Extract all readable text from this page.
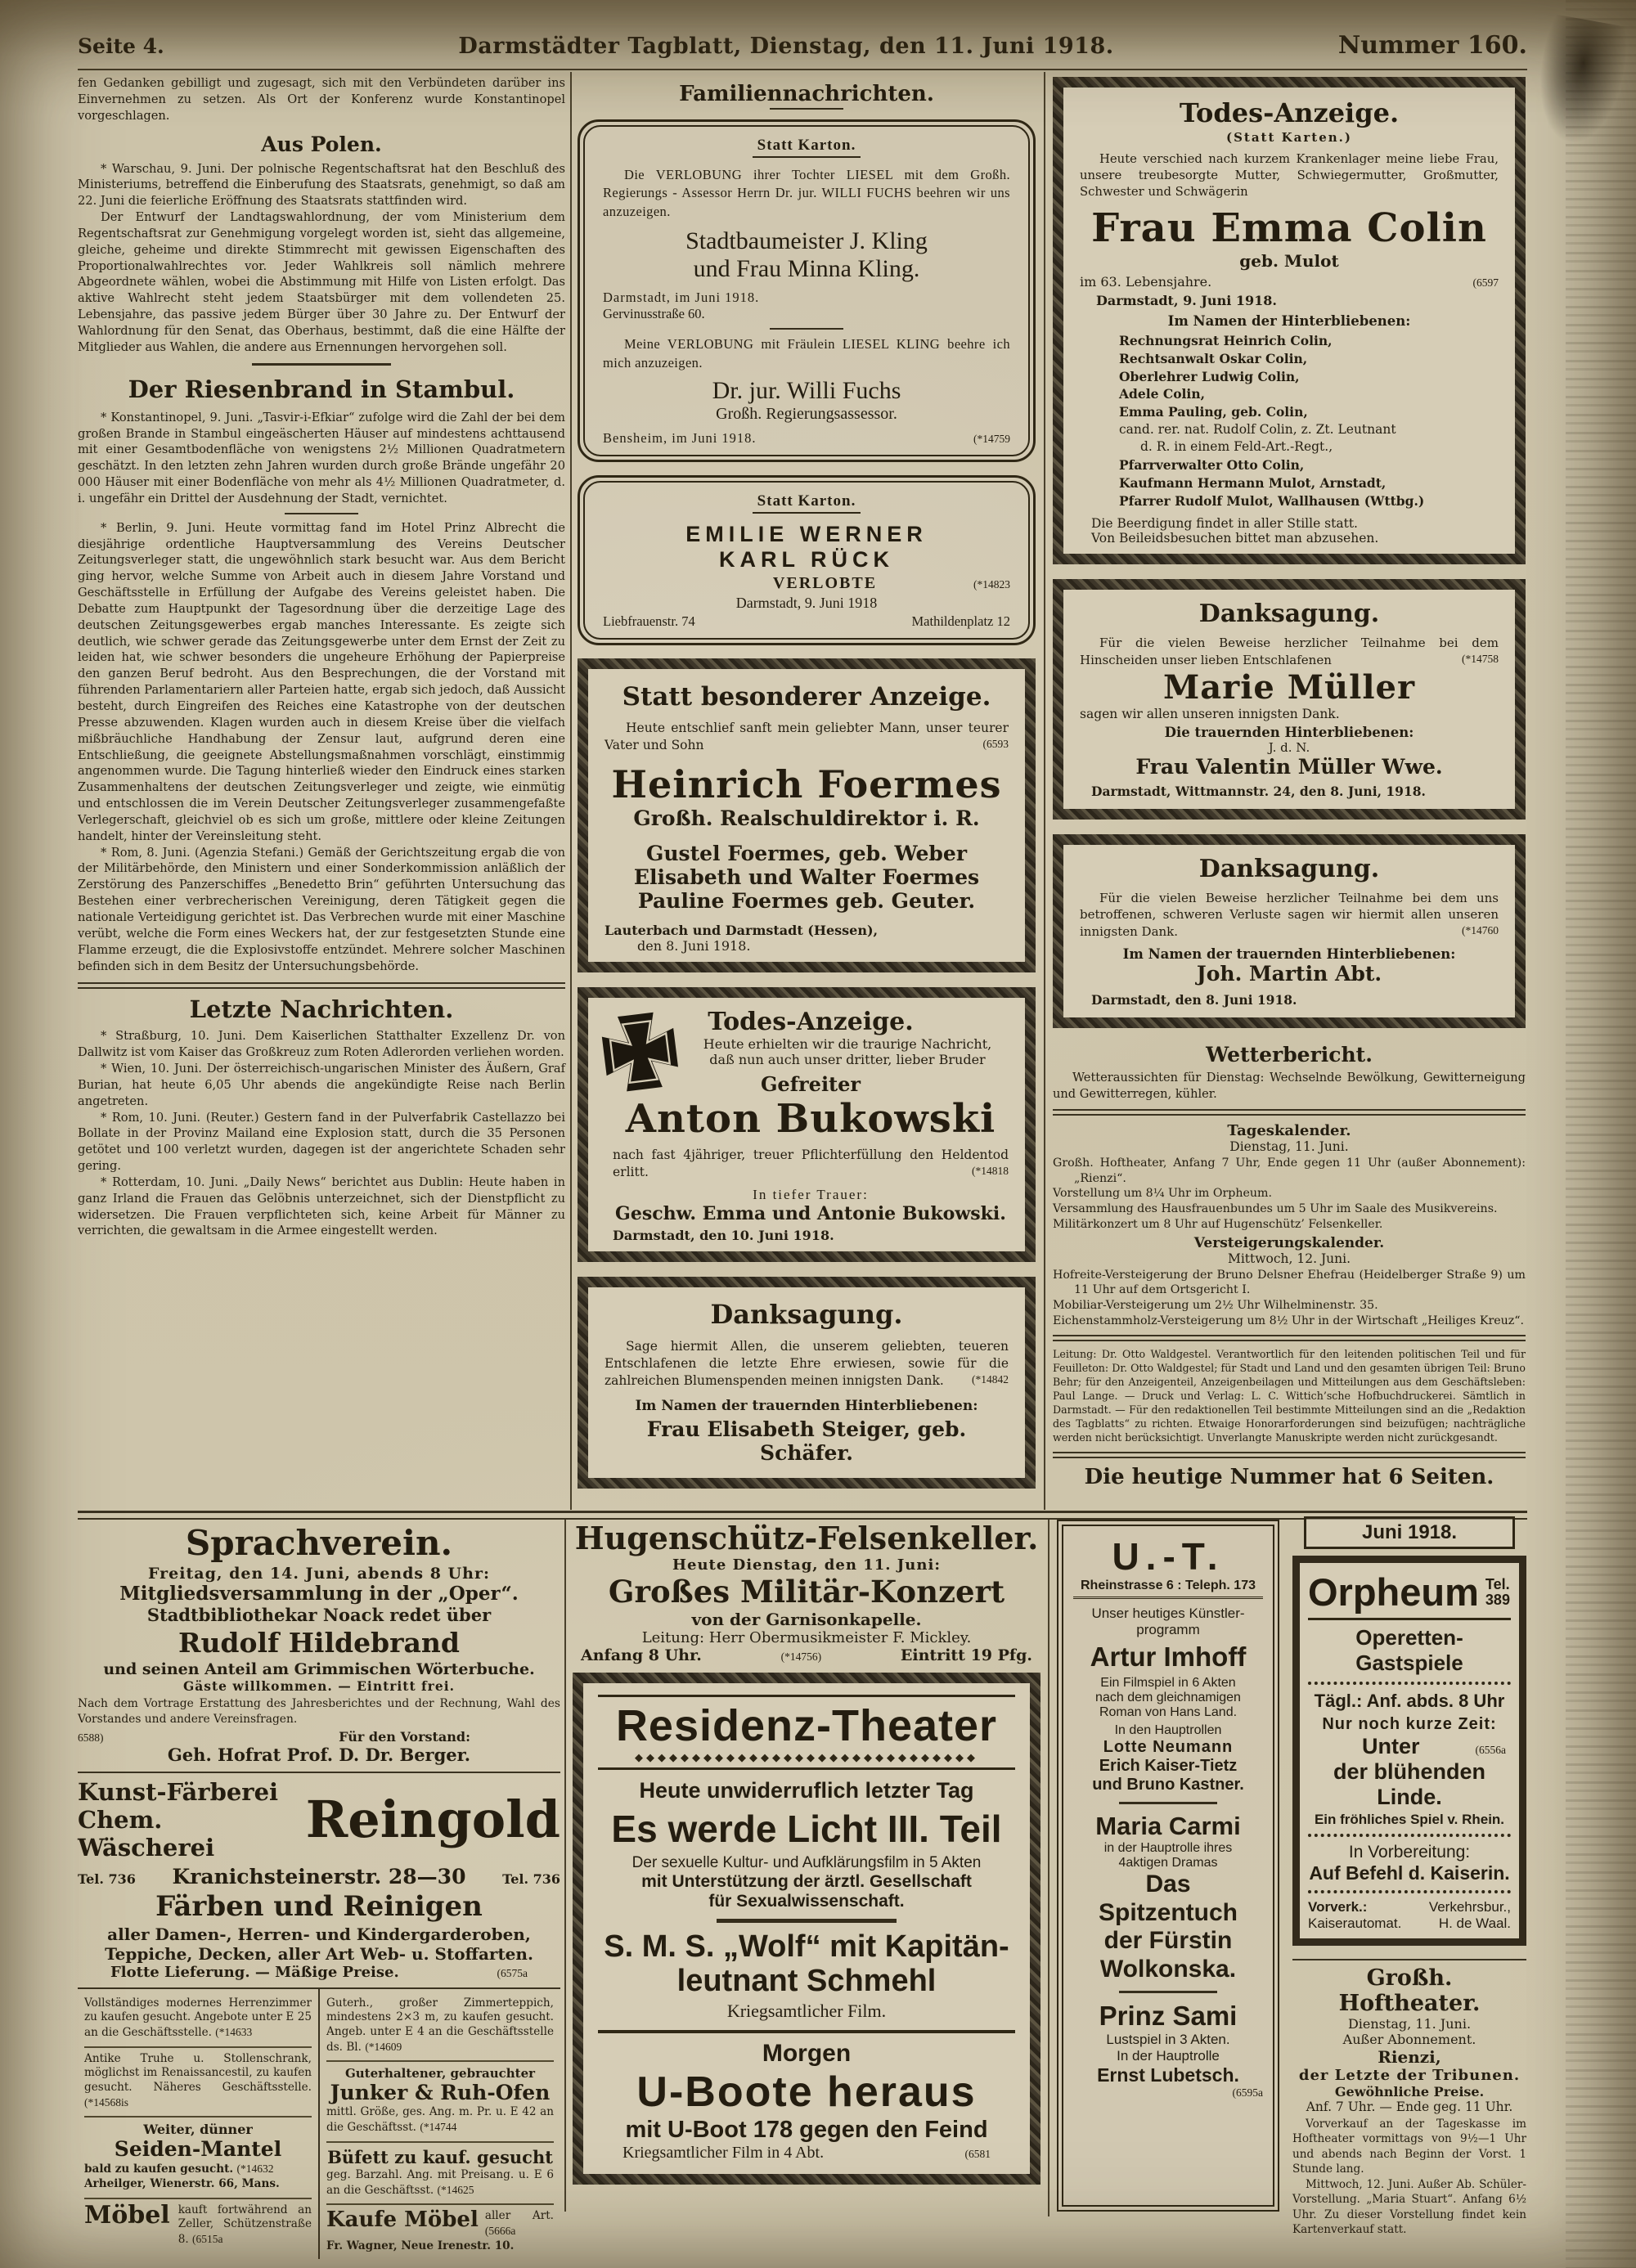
Seite 4.	Darmstädter Tagblatt, Dienstag, den 11. Juni 1918.	Nummer 160.

fen Gedanken gebilligt und zugesagt, sich mit den Verbündeten darüber ins Einvernehmen zu setzen. Als Ort der Konferenz wurde Konstantinopel vorgeschlagen.

Aus Polen.

* Warschau, 9. Juni. Der polnische Regentschaftsrat hat den Beschluß des Ministeriums, betreffend die Einberufung des Staatsrats, genehmigt, so daß am 22. Juni die feierliche Eröffnung des Staatsrats stattfinden wird.

Der Entwurf der Landtagswahlordnung, der vom Ministerium dem Regentschaftsrat zur Genehmigung vorgelegt worden ist, sieht das allgemeine, gleiche, geheime und direkte Stimmrecht mit gewissen Eigenschaften des Proportionalwahlrechtes vor. Jeder Wahlkreis soll nämlich mehrere Abgeordnete wählen, wobei die Abstimmung mit Hilfe von Listen erfolgt. Das aktive Wahlrecht steht jedem Staatsbürger mit dem vollendeten 25. Lebensjahre, das passive jedem Bürger über 30 Jahre zu. Der Entwurf der Wahlordnung für den Senat, das Oberhaus, bestimmt, daß die eine Hälfte der Mitglieder aus Wahlen, die andere aus Ernennungen hervorgehen soll.

Der Riesenbrand in Stambul.

* Konstantinopel, 9. Juni. „Tasvir-i-Efkiar“ zufolge wird die Zahl der bei dem großen Brande in Stambul eingeäscherten Häuser auf mindestens achttausend mit einer Gesamtbodenfläche von wenigstens 2½ Millionen Quadratmetern geschätzt. In den letzten zehn Jahren wurden durch große Brände ungefähr 20 000 Häuser mit einer Bodenfläche von mehr als 4½ Millionen Quadratmeter, d. i. ungefähr ein Drittel der Ausdehnung der Stadt, vernichtet.

* Berlin, 9. Juni. Heute vormittag fand im Hotel Prinz Albrecht die diesjährige ordentliche Hauptversammlung des Vereins Deutscher Zeitungsverleger statt, die ungewöhnlich stark besucht war. Aus dem Bericht ging hervor, welche Summe von Arbeit auch in diesem Jahre Vorstand und Geschäftsstelle in Erfüllung der Aufgabe des Vereins geleistet haben. Die Debatte zum Hauptpunkt der Tagesordnung über die derzeitige Lage des deutschen Zeitungsgewerbes ergab manches Interessante. Es zeigte sich deutlich, wie schwer gerade das Zeitungsgewerbe unter dem Ernst der Zeit zu leiden hat, wie schwer besonders die ungeheure Erhöhung der Papierpreise den ganzen Beruf bedroht. Aus den Besprechungen, die der Vorstand mit führenden Parlamentariern aller Parteien hatte, ergab sich jedoch, daß Aussicht besteht, durch Eingreifen des Reiches eine Katastrophe von der deutschen Presse abzuwenden. Klagen wurden auch in diesem Kreise über die vielfach mißbräuchliche Handhabung der Zensur laut, aufgrund deren eine Entschließung, die geeignete Abstellungsmaßnahmen vorschlägt, einstimmig angenommen wurde. Die Tagung hinterließ wieder den Eindruck eines starken Zusammenhaltens der deutschen Zeitungsverleger und zeigte, wie einmütig und entschlossen die im Verein Deutscher Zeitungsverleger zusammengefaßte Verlegerschaft, gleichviel ob es sich um große, mittlere oder kleine Zeitungen handelt, hinter der Vereinsleitung steht.

* Rom, 8. Juni. (Agenzia Stefani.) Gemäß der Gerichtszeitung ergab die von der Militärbehörde, den Ministern und einer Sonderkommission anläßlich der Zerstörung des Panzerschiffes „Benedetto Brin“ geführten Untersuchung das Bestehen einer verbrecherischen Vereinigung, deren Tätigkeit gegen die nationale Verteidigung gerichtet ist. Das Verbrechen wurde mit einer Maschine verübt, welche die Form eines Weckers hat, der zur festgesetzten Stunde eine Flamme erzeugt, die die Explosivstoffe entzündet. Mehrere solcher Maschinen befinden sich in dem Besitz der Untersuchungsbehörde.

Letzte Nachrichten.

* Straßburg, 10. Juni. Dem Kaiserlichen Statthalter Exzellenz Dr. von Dallwitz ist vom Kaiser das Großkreuz zum Roten Adlerorden verliehen worden.

* Wien, 10. Juni. Der österreichisch-ungarischen Minister des Äußern, Graf Burian, hat heute 6,05 Uhr abends die angekündigte Reise nach Berlin angetreten.

* Rom, 10. Juni. (Reuter.) Gestern fand in der Pulverfabrik Castellazzo bei Bollate in der Provinz Mailand eine Explosion statt, durch die 35 Personen getötet und 100 verletzt wurden, dagegen ist der angerichtete Schaden sehr gering.

* Rotterdam, 10. Juni. „Daily News“ berichtet aus Dublin: Heute haben in ganz Irland die Frauen das Gelöbnis unterzeichnet, sich der Dienstpflicht zu widersetzen. Die Frauen verpflichteten sich, keine Arbeit für Männer zu verrichten, die gewaltsam in die Armee eingestellt werden.

Familiennachrichten.
Statt Karton.

Die VERLOBUNG ihrer Tochter LIESEL mit dem Großh. Regierungs - Assessor Herrn Dr. jur. WILLI FUCHS beehren wir uns anzuzeigen.

Stadtbaumeister J. Kling
und Frau Minna Kling.
Darmstadt, im Juni 1918.
Gervinusstraße 60.

Meine VERLOBUNG mit Fräulein LIESEL KLING beehre ich mich anzuzeigen.

Dr. jur. Willi Fuchs
Großh. Regierungsassessor.
Bensheim, im Juni 1918.	(*14759
Statt Karton.
EMILIE WERNER
KARL RÜCK
VERLOBTE	(*14823
Darmstadt, 9. Juni 1918
Liebfrauenstr. 74	Mathildenplatz 12
Statt besonderer Anzeige.

Heute entschlief sanft mein geliebter Mann, unser teurer Vater und Sohn	(6593

Heinrich Foermes
Großh. Realschuldirektor i. R.
Gustel Foermes, geb. Weber
Elisabeth und Walter Foermes
Pauline Foermes geb. Geuter.
Lauterbach und Darmstadt (Hessen),
den 8. Juni 1918.
Todes-Anzeige.
Heute erhielten wir die traurige Nachricht,
daß nun auch unser dritter, lieber Bruder
Gefreiter
Anton Bukowski

nach fast 4jähriger, treuer Pflichterfüllung den Heldentod erlitt.	(*14818

In tiefer Trauer:
Geschw. Emma und Antonie Bukowski.
Darmstadt, den 10. Juni 1918.
Danksagung.

Sage hiermit Allen, die unserem geliebten, teueren Entschlafenen die letzte Ehre erwiesen, sowie für die zahlreichen Blumenspenden meinen innigsten Dank.	(*14842

Im Namen der trauernden Hinterbliebenen:
Frau Elisabeth Steiger, geb. Schäfer.
Todes-Anzeige.
(Statt Karten.)

Heute verschied nach kurzem Krankenlager meine liebe Frau, unsere treubesorgte Mutter, Schwiegermutter, Großmutter, Schwester und Schwägerin

Frau Emma Colin
geb. Mulot
im 63. Lebensjahre.	(6597
Darmstadt, 9. Juni 1918.
Im Namen der Hinterbliebenen:
Rechnungsrat Heinrich Colin,
Rechtsanwalt Oskar Colin,
Oberlehrer Ludwig Colin,
Adele Colin,
Emma Pauling, geb. Colin,
cand. rer. nat. Rudolf Colin, z. Zt. Leutnant
d. R. in einem Feld-Art.-Regt.,
Pfarrverwalter Otto Colin,
Kaufmann Hermann Mulot, Arnstadt,
Pfarrer Rudolf Mulot, Wallhausen (Wttbg.)
Die Beerdigung findet in aller Stille statt.
Von Beileidsbesuchen bittet man abzusehen.
Danksagung.

Für die vielen Beweise herzlicher Teilnahme bei dem Hinscheiden unser lieben Entschlafenen	(*14758

Marie Müller
sagen wir allen unseren innigsten Dank.
Die trauernden Hinterbliebenen:
J. d. N.
Frau Valentin Müller Wwe.
Darmstadt, Wittmannstr. 24, den 8. Juni, 1918.
Danksagung.

Für die vielen Beweise herzlicher Teilnahme bei dem uns betroffenen, schweren Verluste sagen wir hiermit allen unseren innigsten Dank.	(*14760

Im Namen der trauernden Hinterbliebenen:
Joh. Martin Abt.
Darmstadt, den 8. Juni 1918.
Wetterbericht.

Wetteraussichten für Dienstag: Wechselnde Bewölkung, Gewitterneigung und Gewitterregen, kühler.

Tageskalender.
Dienstag, 11. Juni.

Großh. Hoftheater, Anfang 7 Uhr, Ende gegen 11 Uhr (außer Abonnement): „Rienzi“.

Vorstellung um 8¼ Uhr im Orpheum.

Versammlung des Hausfrauenbundes um 5 Uhr im Saale des Musikvereins.

Militärkonzert um 8 Uhr auf Hugenschütz’ Felsenkeller.

Versteigerungskalender.
Mittwoch, 12. Juni.

Hofreite-Versteigerung der Bruno Delsner Ehefrau (Heidelberger Straße 9) um 11 Uhr auf dem Ortsgericht I.

Mobiliar-Versteigerung um 2½ Uhr Wilhelminenstr. 35.

Eichenstammholz-Versteigerung um 8½ Uhr in der Wirtschaft „Heiliges Kreuz“.

Leitung: Dr. Otto Waldgestel. Verantwortlich für den leitenden politischen Teil und für Feuilleton: Dr. Otto Waldgestel; für Stadt und Land und den gesamten übrigen Teil: Bruno Behr; für den Anzeigenteil, Anzeigenbeilagen und Mitteilungen aus dem Geschäftsleben: Paul Lange. — Druck und Verlag: L. C. Wittich’sche Hofbuchdruckerei. Sämtlich in Darmstadt. — Für den redaktionellen Teil bestimmte Mitteilungen sind an die „Redaktion des Tagblatts“ zu richten. Etwaige Honorarforderungen sind beizufügen; nachträgliche werden nicht berücksichtigt. Unverlangte Manuskripte werden nicht zurückgesandt.

Die heutige Nummer hat 6 Seiten.
Sprachverein.
Freitag, den 14. Juni, abends 8 Uhr:
Mitgliedsversammlung in der „Oper“.
Stadtbibliothekar Noack redet über
Rudolf Hildebrand
und seinen Anteil am Grimmischen Wörterbuche.
Gäste willkommen. — Eintritt frei.

Nach dem Vortrage Erstattung des Jahresberichtes und der Rechnung, Wahl des Vorstandes und andere Vereinsfragen.

6588)	Für den Vorstand:
Geh. Hofrat Prof. D. Dr. Berger.
Kunst-Färberei
Chem. Wäscherei	Reingold
Tel. 736 Kranichsteinerstr. 28—30	Tel. 736
Färben und Reinigen
aller Damen-, Herren- und Kindergarderoben,
Teppiche, Decken, aller Art Web- u. Stoffarten.
Flotte Lieferung. — Mäßige Preise.	(6575a

Vollständiges modernes Herrenzimmer zu kaufen gesucht. Angebote unter E 25 an die Geschäftsstelle. (*14633

Antike Truhe u. Stollenschrank, möglichst im Renaissancestil, zu kaufen gesucht. Näheres Geschäftsstelle. (*14568is

Weiter, dünner
Seiden-Mantel

bald zu kaufen gesucht. (*14632

Arheilger, Wienerstr. 66, Mans.

Möbel kauft fortwährend an Zeller, Schützenstraße 8. (6515a

Guterh., großer Zimmerteppich, mindestens 2×3 m, zu kaufen gesucht. Angeb. unter E 4 an die Geschäftsstelle ds. Bl. (*14609

Guterhaltener, gebrauchter
Junker & Ruh-Ofen

mittl. Größe, ges. Ang. m. Pr. u. E 42 an die Geschäftsst. (*14744

Büfett zu kauf. gesucht

geg. Barzahl. Ang. mit Preisang. u. E 6 an die Geschäftsst. (*14625

Kaufe Möbel aller Art. (5666a

Fr. Wagner, Neue Irenestr. 10.

Hugenschütz-Felsenkeller.
Heute Dienstag, den 11. Juni:
Großes Militär-Konzert
von der Garnisonkapelle.
Leitung: Herr Obermusikmeister F. Mickley.
Anfang 8 Uhr.	(*14756)	Eintritt 19 Pfg.
Residenz-Theater
◆◆◆◆◆◆◆◆◆◆◆◆◆◆◆◆◆◆◆◆◆◆◆◆◆◆◆◆◆◆
Heute unwiderruflich letzter Tag
Es werde Licht III. Teil
Der sexuelle Kultur- und Aufklärungsfilm in 5 Akten
mit Unterstützung der ärztl. Gesellschaft
für Sexualwissenschaft.
S. M. S. „Wolf“ mit Kapitän-
leutnant Schmehl
Kriegsamtlicher Film.
Morgen
U-Boote heraus
mit U-Boot 178 gegen den Feind
Kriegsamtlicher Film in 4 Abt.	(6581
U.-T.
Rheinstrasse 6 : Teleph. 173
Unser heutiges Künstler-
programm
Artur Imhoff
Ein Filmspiel in 6 Akten
nach dem gleichnamigen
Roman von Hans Land.
In den Hauptrollen
Lotte Neumann
Erich Kaiser-Tietz
und Bruno Kastner.
Maria Carmi
in der Hauptrolle ihres
4aktigen Dramas
Das Spitzentuch
der Fürstin
Wolkonska.
Prinz Sami
Lustspiel in 3 Akten.
In der Hauptrolle
Ernst Lubetsch.
(6595a
Juni 1918.
Orpheum Tel. 389
Operetten-Gastspiele
Tägl.: Anf. abds. 8 Uhr
Nur noch kurze Zeit:
Unter	(6556a
der blühenden Linde.
Ein fröhliches Spiel v. Rhein.
In Vorbereitung:
Auf Befehl d. Kaiserin.
Vorverk.:	Verkehrsbur.,
Kaiserautomat.	H. de Waal.
Großh. Hoftheater.
Dienstag, 11. Juni.
Außer Abonnement.
Rienzi,
der Letzte der Tribunen.
Gewöhnliche Preise.
Anf. 7 Uhr. — Ende geg. 11 Uhr.

Vorverkauf an der Tageskasse im Hoftheater vormittags von 9½—1 Uhr und abends nach Beginn der Vorst. 1 Stunde lang.

Mittwoch, 12. Juni. Außer Ab. Schüler-Vorstellung. „Maria Stuart“. Anfang 6½ Uhr. Zu dieser Vorstellung findet kein Kartenverkauf statt.
